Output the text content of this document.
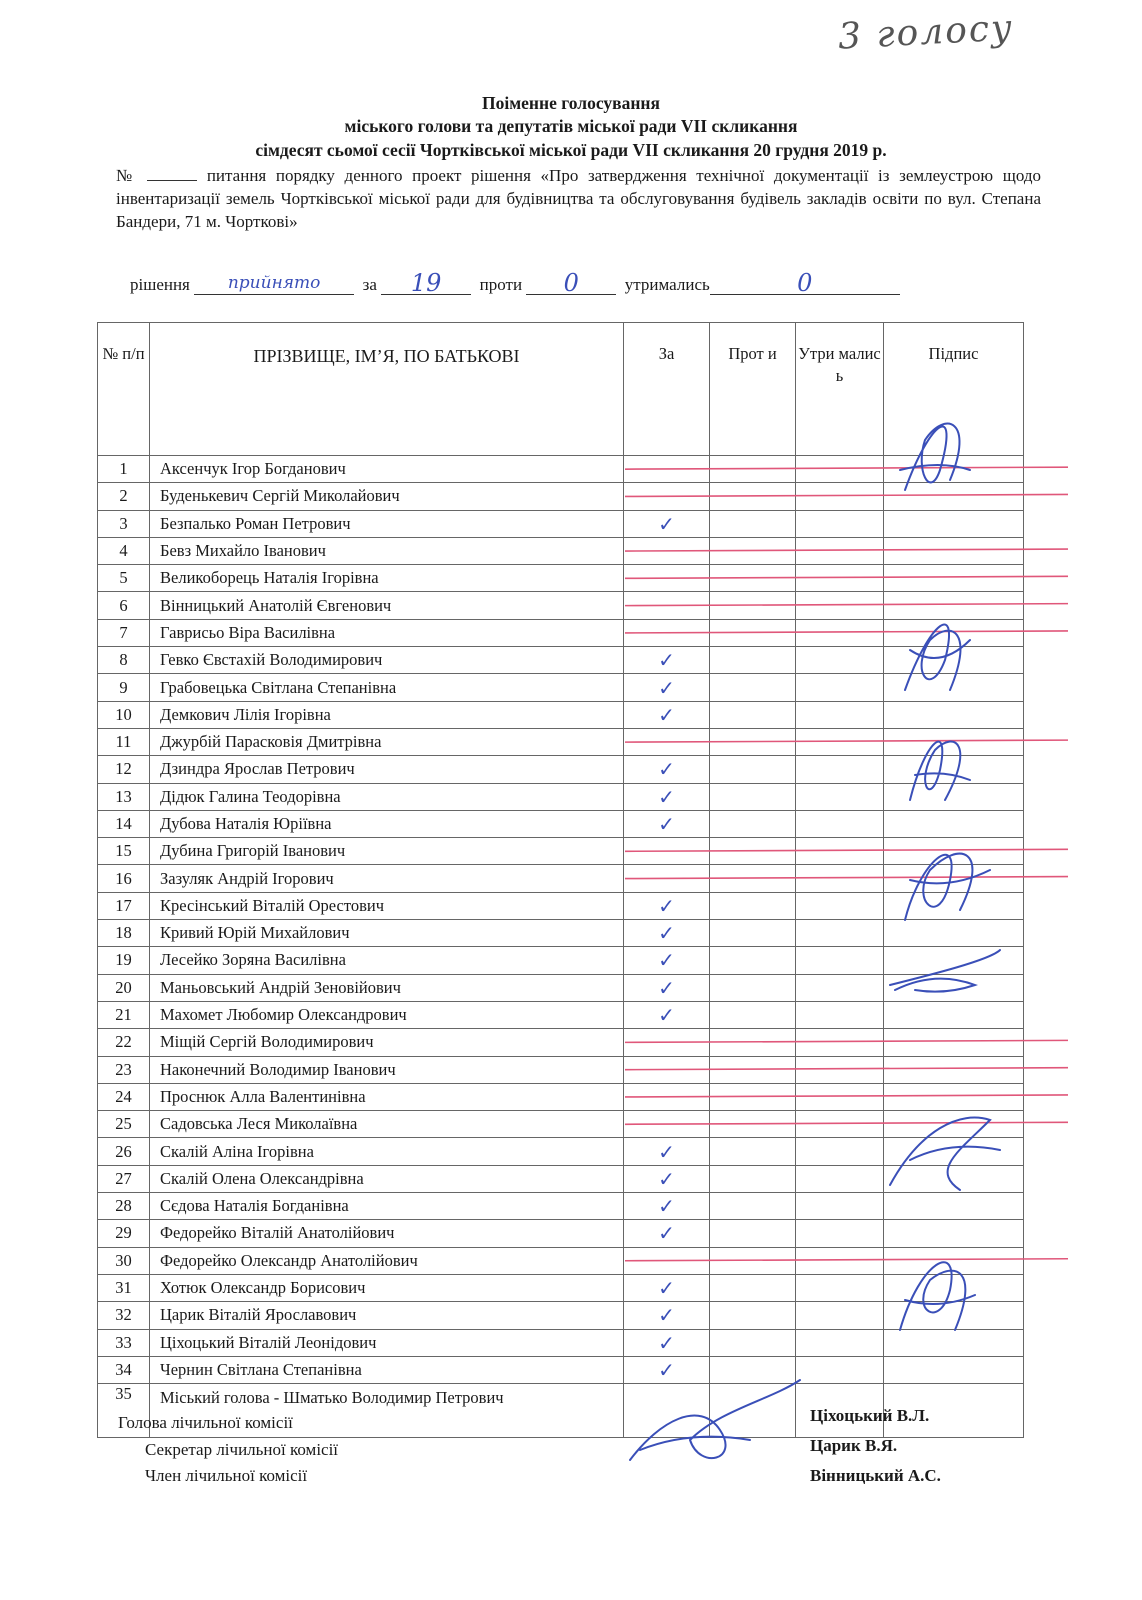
3 голосу
Поіменне голосування
міського голови та депутатів міської ради VII скликання
сімдесят сьомої сесії Чортківської міської ради VII скликання 20 грудня 2019 р.
№	питання порядку денного проект рішення «Про затвердження технічної документації із землеустрою щодо інвентаризації земель Чортківської міської ради для будівництва та обслуговування будівель закладів освіти по вул. Степана Бандери, 71 м. Чорткові»
рішення прийнято за 19 проти 0	утримались	0
№ п/п	ПРІЗВИЩЕ, ІМ’Я, ПО БАТЬКОВІ	За	Прот и	Утри малис ь	Підпис
1	Аксенчук Ігор Богданович				
2	Буденькевич Сергій Миколайович				
3	Безпалько Роман Петрович	✓			

4	Бевз Михайло Іванович				
5	Великоборець Наталія Ігорівна				
6	Вінницький Анатолій Євгенович				
7	Гаврисьо Віра Василівна				
8	Гевко Євстахій Володимирович	✓			

9	Грабовецька Світлана Степанівна	✓			

10	Демкович Лілія Ігорівна	✓			

11	Джурбій Парасковія Дмитрівна				
12	Дзиндра Ярослав Петрович	✓			

13	Дідюк Галина Теодорівна	✓			

14	Дубова Наталія Юріївна	✓			

15	Дубина Григорій Іванович				
16	Зазуляк Андрій Ігорович				
17	Кресінський Віталій Орестович	✓			

18	Кривий Юрій Михайлович	✓			

19	Лесейко Зоряна Василівна	✓			

20	Маньовський Андрій Зеновійович	✓			

21	Махомет Любомир Олександрович	✓			

22	Міщій Сергій Володимирович				
23	Наконечний Володимир Іванович				
24	Проснюк Алла Валентинівна				
25	Садовська Леся Миколаївна				
26	Скалій Аліна Ігорівна	✓			

27	Скалій Олена Олександрівна	✓			

28	Сєдова Наталія Богданівна	✓			

29	Федорейко Віталій Анатолійович	✓			

30	Федорейко Олександр Анатолійович				
31	Хотюк Олександр Борисович	✓			

32	Царик Віталій Ярославович	✓			

33	Ціхоцький Віталій Леонідович	✓			

34	Чернин Світлана Степанівна	✓			

35	Міський голова - Шматько Володимир Петрович				
Голова лічильної комісії
Секретар лічильної комісії
Член лічильної комісії
Ціхоцький В.Л.
Царик В.Я.
Вінницький А.С.
